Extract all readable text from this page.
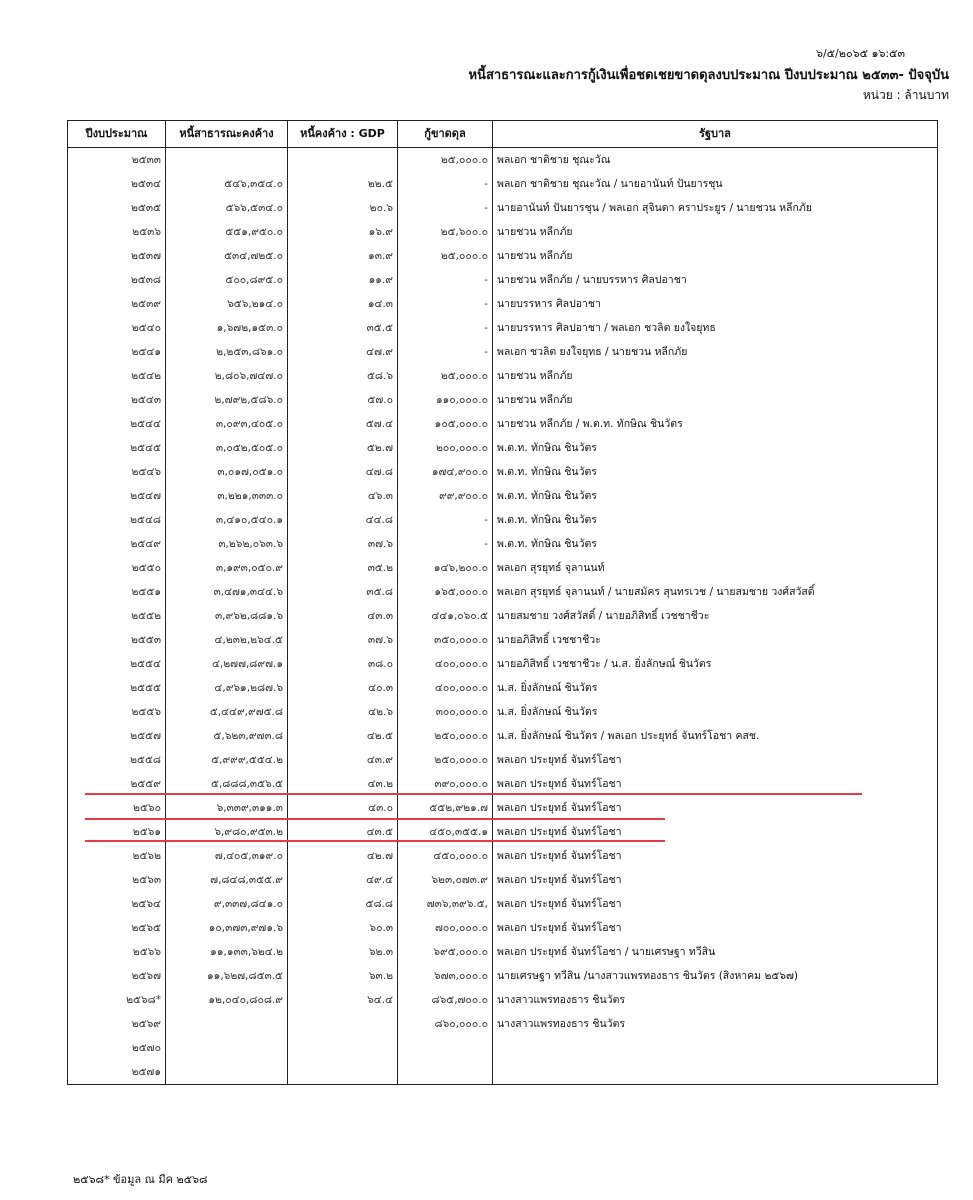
๖/๕/๒๐๖๕ ๑๖:๕๓
หนี้สาธารณะและการกู้เงินเพื่อชดเชยขาดดุลงบประมาณ ปีงบประมาณ ๒๕๓๓- ปัจจุบัน
หน่วย : ล้านบาท
ปีงบประมาณ	หนี้สาธารณะคงค้าง	หนี้คงค้าง : GDP	กู้ขาดดุล	รัฐบาล
๒๕๓๓			๒๕,๐๐๐.๐	พลเอก ชาติชาย ชุณะวัณ
๒๕๓๔	๕๔๖,๓๕๔.๐	๒๒.๕	-	พลเอก ชาติชาย ชุณะวัณ / นายอานันท์ ปันยารชุน
๒๕๓๕	๕๖๖,๕๓๔.๐	๒๐.๖	-	นายอานันท์ ปันยารชุน / พลเอก สุจินดา คราประยูร / นายชวน หลีกภัย
๒๕๓๖	๕๕๑,๙๕๐.๐	๑๖.๙	๒๕,๖๐๐.๐	นายชวน หลีกภัย
๒๕๓๗	๕๓๔,๗๒๕.๐	๑๓.๙	๒๕,๐๐๐.๐	นายชวน หลีกภัย
๒๕๓๘	๕๐๐,๘๙๕.๐	๑๑.๙	-	นายชวน หลีกภัย / นายบรรหาร ศิลปอาชา
๒๕๓๙	๖๕๖,๒๑๔.๐	๑๔.๓	-	นายบรรหาร ศิลปอาชา
๒๕๔๐	๑,๖๗๒,๑๕๓.๐	๓๕.๕	-	นายบรรหาร ศิลปอาชา / พลเอก ชวลิต ยงใจยุทธ
๒๕๔๑	๒,๒๕๓,๘๖๑.๐	๔๗.๙	-	พลเอก ชวลิต ยงใจยุทธ / นายชวน หลีกภัย
๒๕๔๒	๒,๘๐๖,๗๔๗.๐	๕๘.๖	๒๕,๐๐๐.๐	นายชวน หลีกภัย
๒๕๔๓	๒,๗๙๒,๕๘๖.๐	๕๗.๐	๑๑๐,๐๐๐.๐	นายชวน หลีกภัย
๒๕๔๔	๓,๐๙๓,๔๐๕.๐	๕๗.๔	๑๐๕,๐๐๐.๐	นายชวน หลีกภัย / พ.ต.ท. ทักษิณ ชินวัตร
๒๕๔๕	๓,๐๕๒,๕๐๕.๐	๕๒.๗	๒๐๐,๐๐๐.๐	พ.ต.ท. ทักษิณ ชินวัตร
๒๕๔๖	๓,๐๑๗,๐๕๑.๐	๔๗.๘	๑๗๔,๙๐๐.๐	พ.ต.ท. ทักษิณ ชินวัตร
๒๕๔๗	๓,๒๒๑,๓๓๓.๐	๔๖.๓	๙๙,๙๐๐.๐	พ.ต.ท. ทักษิณ ชินวัตร
๒๕๔๘	๓,๔๑๐,๕๔๐.๑	๔๔.๘	-	พ.ต.ท. ทักษิณ ชินวัตร
๒๕๔๙	๓,๒๖๒,๐๖๓.๖	๓๗.๖	-	พ.ต.ท. ทักษิณ ชินวัตร
๒๕๕๐	๓,๑๙๓,๐๕๐.๙	๓๕.๒	๑๔๖,๒๐๐.๐	พลเอก สุรยุทธ์ จุลานนท์
๒๕๕๑	๓,๔๗๑,๓๔๔.๖	๓๕.๘	๑๖๕,๐๐๐.๐	พลเอก สุรยุทธ์ จุลานนท์ / นายสมัคร สุนทรเวช / นายสมชาย วงศ์สวัสดิ์
๒๕๕๒	๓,๙๖๒,๘๘๑.๖	๔๓.๓	๔๔๑,๐๖๐.๕	นายสมชาย วงศ์สวัสดิ์ / นายอภิสิทธิ์ เวชชาชีวะ
๒๕๕๓	๔,๒๓๒,๒๖๔.๕	๓๗.๖	๓๕๐,๐๐๐.๐	นายอภิสิทธิ์ เวชชาชีวะ
๒๕๕๔	๔,๒๗๗,๘๙๗.๑	๓๘.๐	๔๐๐,๐๐๐.๐	นายอภิสิทธิ์ เวชชาชีวะ / น.ส. ยิ่งลักษณ์ ชินวัตร
๒๕๕๕	๔,๙๖๑,๒๘๗.๖	๔๐.๓	๔๐๐,๐๐๐.๐	น.ส. ยิ่งลักษณ์ ชินวัตร
๒๕๕๖	๕,๔๔๙,๙๗๕.๘	๔๒.๖	๓๐๐,๐๐๐.๐	น.ส. ยิ่งลักษณ์ ชินวัตร
๒๕๕๗	๕,๖๒๓,๙๗๓.๘	๔๒.๕	๒๕๐,๐๐๐.๐	น.ส. ยิ่งลักษณ์ ชินวัตร / พลเอก ประยุทธ์ จันทร์โอชา คสช.
๒๕๕๘	๕,๙๙๙,๕๕๔.๒	๔๓.๙	๒๕๐,๐๐๐.๐	พลเอก ประยุทธ์ จันทร์โอชา
๒๕๕๙	๕,๘๘๘,๓๕๖.๕	๔๓.๒	๓๙๐,๐๐๐.๐	พลเอก ประยุทธ์ จันทร์โอชา
๒๕๖๐	๖,๓๓๙,๓๑๑.๓	๔๓.๐	๕๕๒,๙๒๑.๗	พลเอก ประยุทธ์ จันทร์โอชา
๒๕๖๑	๖,๙๘๐,๙๕๓.๒	๔๓.๕	๔๕๐,๓๕๕.๑	พลเอก ประยุทธ์ จันทร์โอชา
๒๕๖๒	๗,๔๐๕,๓๑๙.๐	๔๒.๗	๔๕๐,๐๐๐.๐	พลเอก ประยุทธ์ จันทร์โอชา
๒๕๖๓	๗,๘๔๘,๓๕๕.๙	๔๙.๔	๖๒๓,๐๗๓.๙	พลเอก ประยุทธ์ จันทร์โอชา
๒๕๖๔	๙,๓๓๗,๘๔๑.๐	๕๘.๘	๗๓๖,๓๙๖.๕,	พลเอก ประยุทธ์ จันทร์โอชา
๒๕๖๕	๑๐,๓๗๓,๙๗๑.๖	๖๐.๓	๗๐๐,๐๐๐.๐	พลเอก ประยุทธ์ จันทร์โอชา
๒๕๖๖	๑๑,๑๓๓,๖๒๔.๒	๖๒.๓	๖๙๕,๐๐๐.๐	พลเอก ประยุทธ์ จันทร์โอชา / นายเศรษฐา ทวีสิน
๒๕๖๗	๑๑,๖๒๗,๘๕๓.๕	๖๓.๒	๖๗๓,๐๐๐.๐	นายเศรษฐา ทวีสิน /นางสาวแพรทองธาร ชินวัตร (สิงหาคม ๒๕๖๗)
๒๕๖๘*	๑๒,๐๔๐,๘๐๘.๙	๖๔.๔	๘๖๕,๗๐๐.๐	นางสาวแพรทองธาร ชินวัตร
๒๕๖๙			๘๖๐,๐๐๐.๐	นางสาวแพรทองธาร ชินวัตร
๒๕๗๐				
๒๕๗๑				
๒๕๖๘* ข้อมูล ณ มีค ๒๕๖๘
